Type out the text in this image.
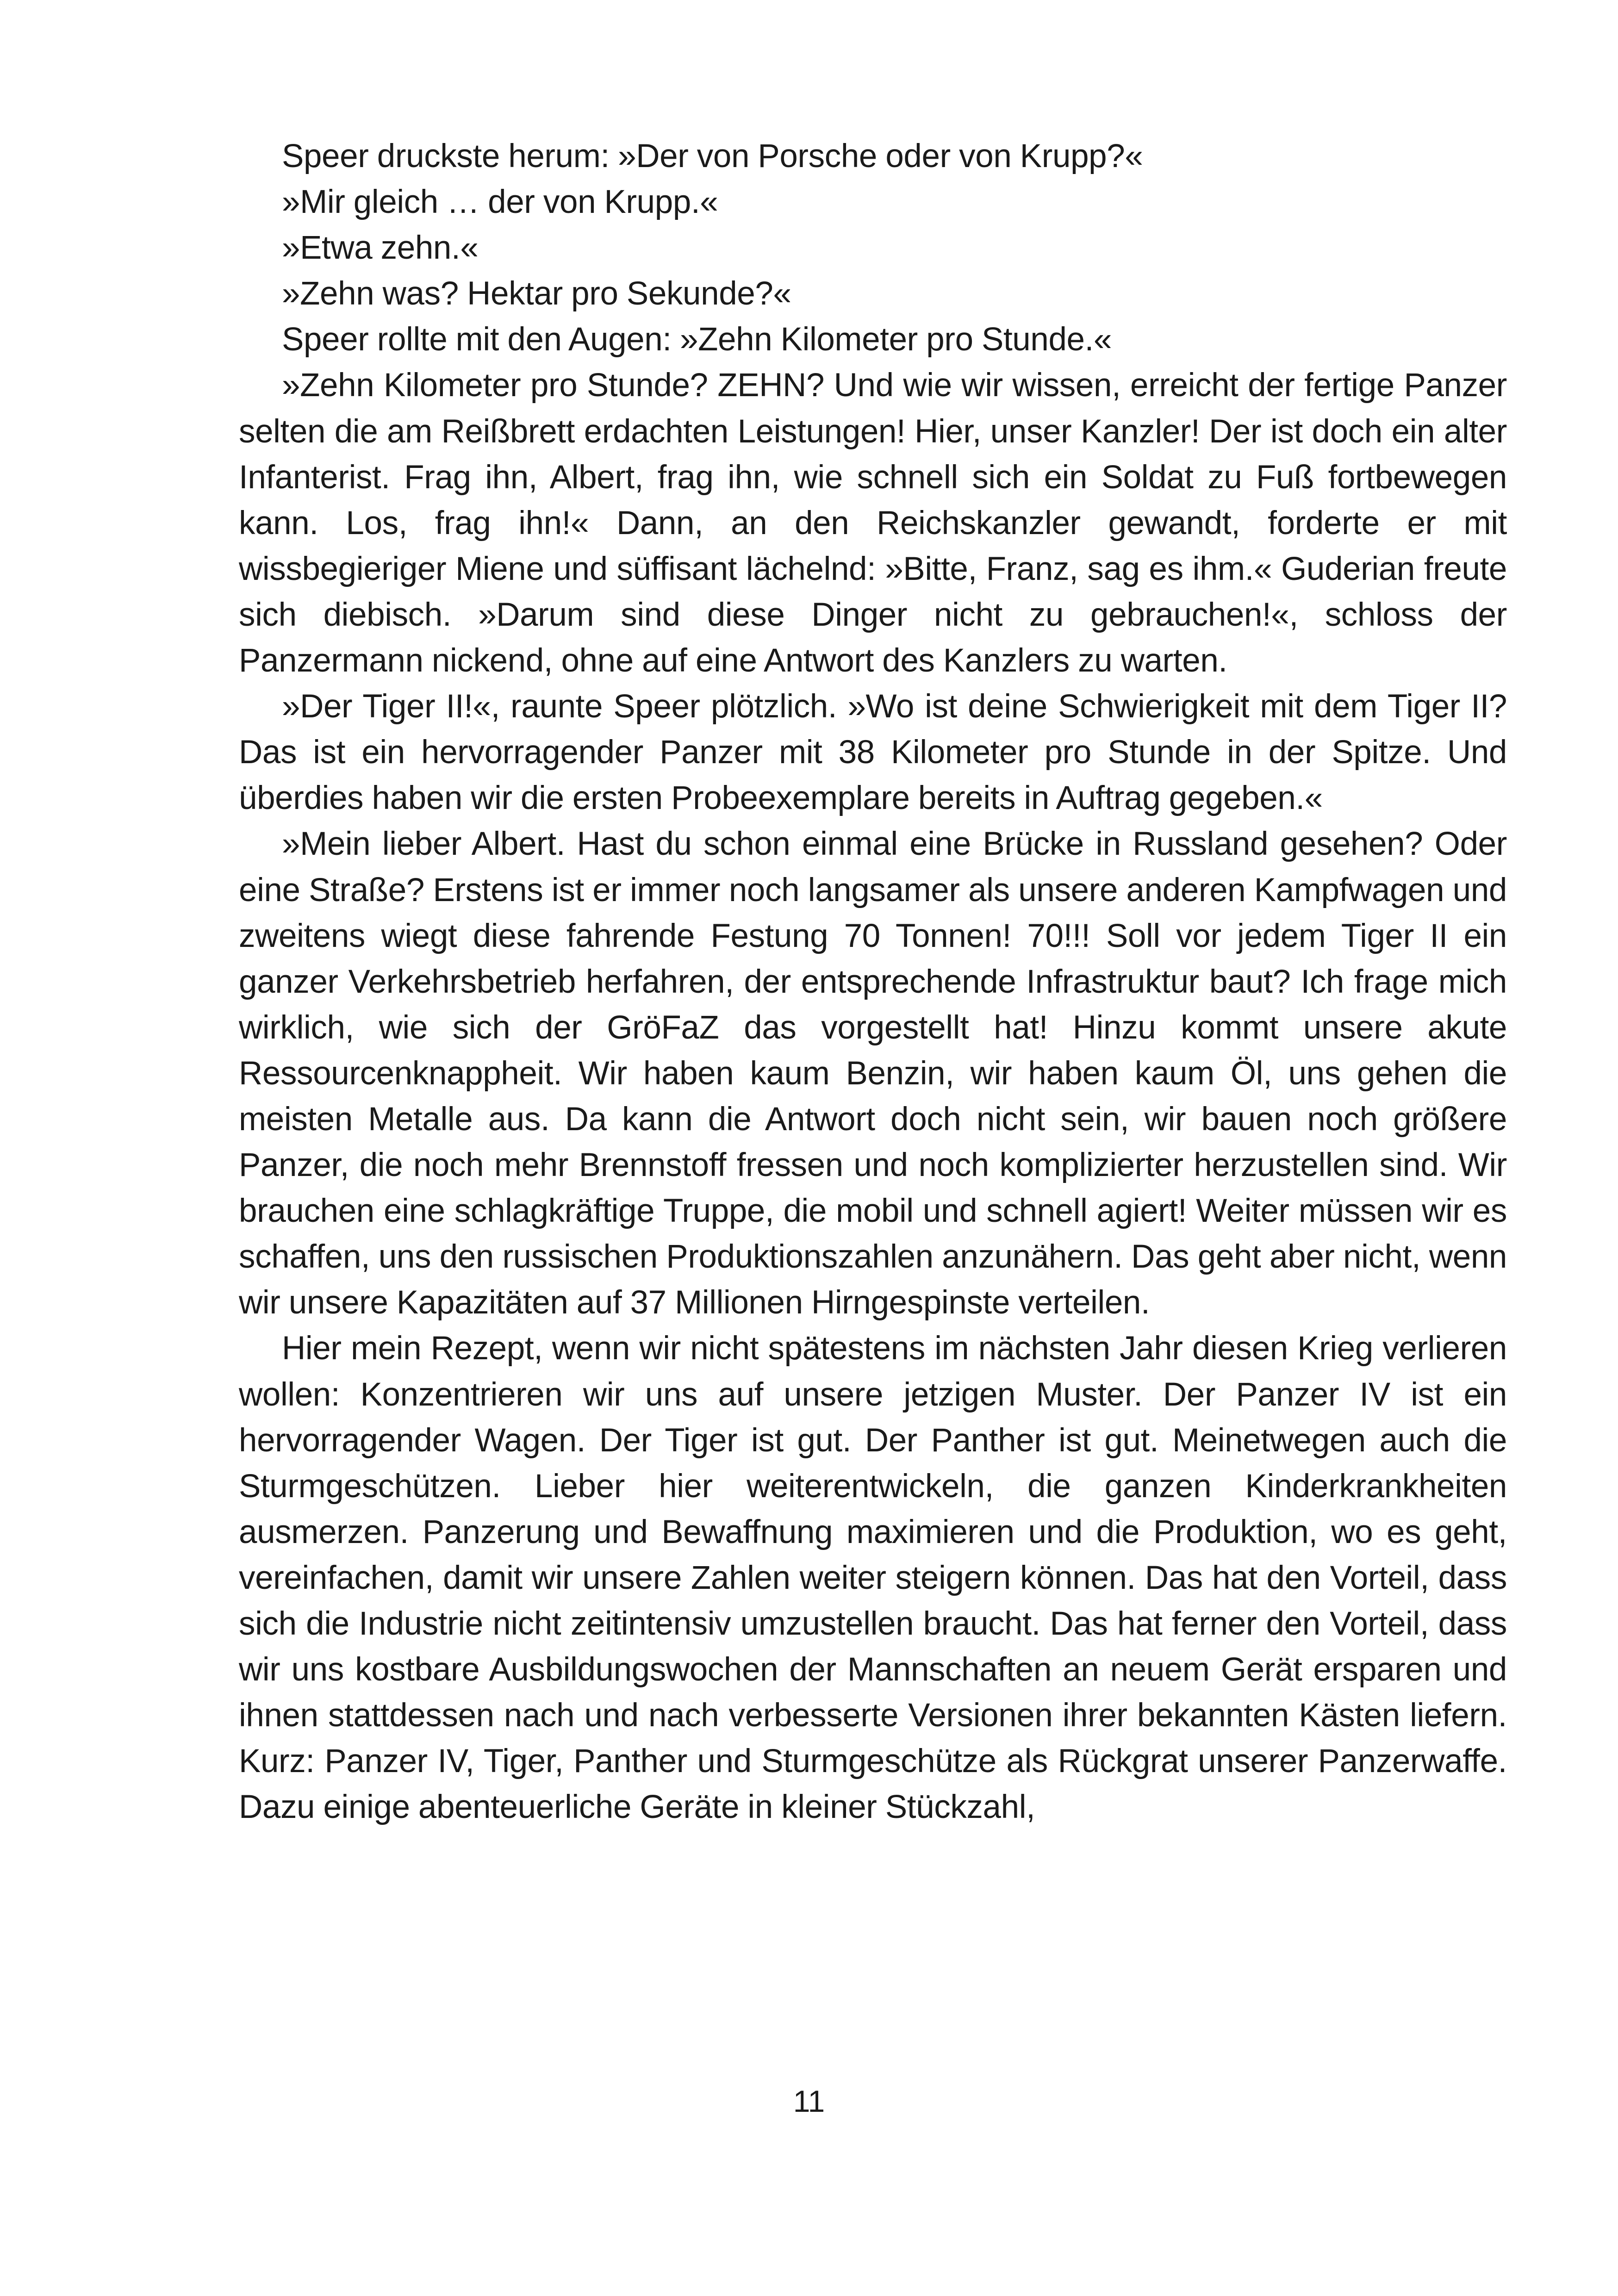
Speer druckste herum: »Der von Porsche oder von Krupp?«

»Mir gleich … der von Krupp.«

»Etwa zehn.«

»Zehn was? Hektar pro Sekunde?«

Speer rollte mit den Augen: »Zehn Kilometer pro Stunde.«

»Zehn Kilometer pro Stunde? ZEHN? Und wie wir wissen, erreicht der fertige Panzer selten die am Reißbrett erdachten Leistungen! Hier, unser Kanzler! Der ist doch ein alter Infanterist. Frag ihn, Albert, frag ihn, wie schnell sich ein Soldat zu Fuß fortbewegen kann. Los, frag ihn!« Dann, an den Reichskanzler gewandt, forderte er mit wissbegieriger Miene und süffisant lächelnd: »Bitte, Franz, sag es ihm.« Guderian freute sich diebisch. »Darum sind diese Dinger nicht zu gebrauchen!«, schloss der Panzermann nickend, ohne auf eine Antwort des Kanzlers zu warten.

»Der Tiger II!«, raunte Speer plötzlich. »Wo ist deine Schwierigkeit mit dem Tiger II? Das ist ein hervorragender Panzer mit 38 Kilometer pro Stunde in der Spitze. Und überdies haben wir die ersten Probeexemplare bereits in Auftrag gegeben.«

»Mein lieber Albert. Hast du schon einmal eine Brücke in Russland gesehen? Oder eine Straße? Erstens ist er immer noch langsamer als unsere anderen Kampfwagen und zweitens wiegt diese fahrende Festung 70 Tonnen! 70!!! Soll vor jedem Tiger II ein ganzer Verkehrsbetrieb herfahren, der entsprechende Infrastruktur baut? Ich frage mich wirklich, wie sich der GröFaZ das vorgestellt hat! Hinzu kommt unsere akute Ressourcenknappheit. Wir haben kaum Benzin, wir haben kaum Öl, uns gehen die meisten Metalle aus. Da kann die Antwort doch nicht sein, wir bauen noch größere Panzer, die noch mehr Brennstoff fressen und noch komplizierter herzustellen sind. Wir brauchen eine schlagkräftige Truppe, die mobil und schnell agiert! Weiter müssen wir es schaffen, uns den russischen Produktionszahlen anzunähern. Das geht aber nicht, wenn wir unsere Kapazitäten auf 37 Millionen Hirngespinste verteilen.

Hier mein Rezept, wenn wir nicht spätestens im nächsten Jahr diesen Krieg verlieren wollen: Konzentrieren wir uns auf unsere jetzigen Muster. Der Panzer IV ist ein hervorragender Wagen. Der Tiger ist gut. Der Panther ist gut. Meinetwegen auch die Sturmgeschützen. Lieber hier weiterentwickeln, die ganzen Kinderkrankheiten ausmerzen. Panzerung und Bewaffnung maximieren und die Produktion, wo es geht, vereinfachen, damit wir unsere Zahlen weiter steigern können. Das hat den Vorteil, dass sich die Industrie nicht zeitintensiv umzustellen braucht. Das hat ferner den Vorteil, dass wir uns kostbare Ausbildungswochen der Mannschaften an neuem Gerät ersparen und ihnen stattdessen nach und nach verbesserte Versionen ihrer bekannten Kästen liefern. Kurz: Panzer IV, Tiger, Panther und Sturmgeschütze als Rückgrat unserer Panzerwaffe. Dazu einige abenteuerliche Geräte in kleiner Stückzahl,

11
